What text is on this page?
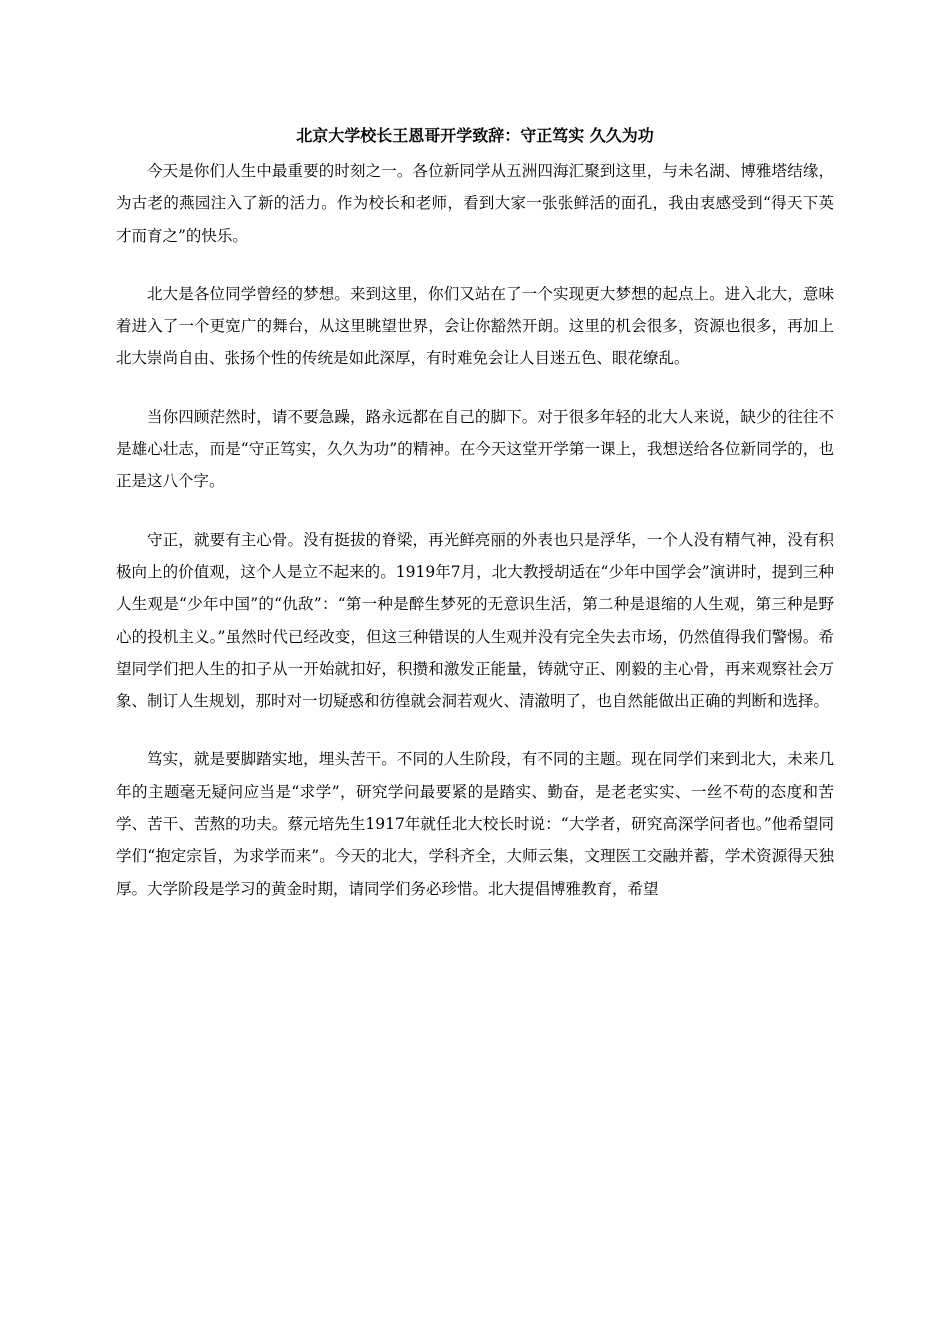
北京大学校长王恩哥开学致辞：守正笃实 久久为功

今天是你们人生中最重要的时刻之一。各位新同学从五洲四海汇聚到这里，与未名湖、博雅塔结缘，为古老的燕园注入了新的活力。作为校长和老师，看到大家一张张鲜活的面孔，我由衷感受到“得天下英才而育之”的快乐。

北大是各位同学曾经的梦想。来到这里，你们又站在了一个实现更大梦想的起点上。进入北大，意味着进入了一个更宽广的舞台，从这里眺望世界，会让你豁然开朗。这里的机会很多，资源也很多，再加上北大崇尚自由、张扬个性的传统是如此深厚，有时难免会让人目迷五色、眼花缭乱。

当你四顾茫然时，请不要急躁，路永远都在自己的脚下。对于很多年轻的北大人来说，缺少的往往不是雄心壮志，而是“守正笃实，久久为功”的精神。在今天这堂开学第一课上，我想送给各位新同学的，也正是这八个字。

守正，就要有主心骨。没有挺拔的脊梁，再光鲜亮丽的外表也只是浮华，一个人没有精气神，没有积极向上的价值观，这个人是立不起来的。1919年7月，北大教授胡适在“少年中国学会”演讲时，提到三种人生观是“少年中国”的“仇敌”：“第一种是醉生梦死的无意识生活，第二种是退缩的人生观，第三种是野心的投机主义。”虽然时代已经改变，但这三种错误的人生观并没有完全失去市场，仍然值得我们警惕。希望同学们把人生的扣子从一开始就扣好，积攒和激发正能量，铸就守正、刚毅的主心骨，再来观察社会万象、制订人生规划，那时对一切疑惑和彷徨就会洞若观火、清澈明了，也自然能做出正确的判断和选择。

笃实，就是要脚踏实地，埋头苦干。不同的人生阶段，有不同的主题。现在同学们来到北大，未来几年的主题毫无疑问应当是“求学”，研究学问最要紧的是踏实、勤奋，是老老实实、一丝不苟的态度和苦学、苦干、苦熬的功夫。蔡元培先生1917年就任北大校长时说：“大学者，研究高深学问者也。”他希望同学们“抱定宗旨，为求学而来”。今天的北大，学科齐全，大师云集，文理医工交融并蓄，学术资源得天独厚。大学阶段是学习的黄金时期，请同学们务必珍惜。北大提倡博雅教育，希望
